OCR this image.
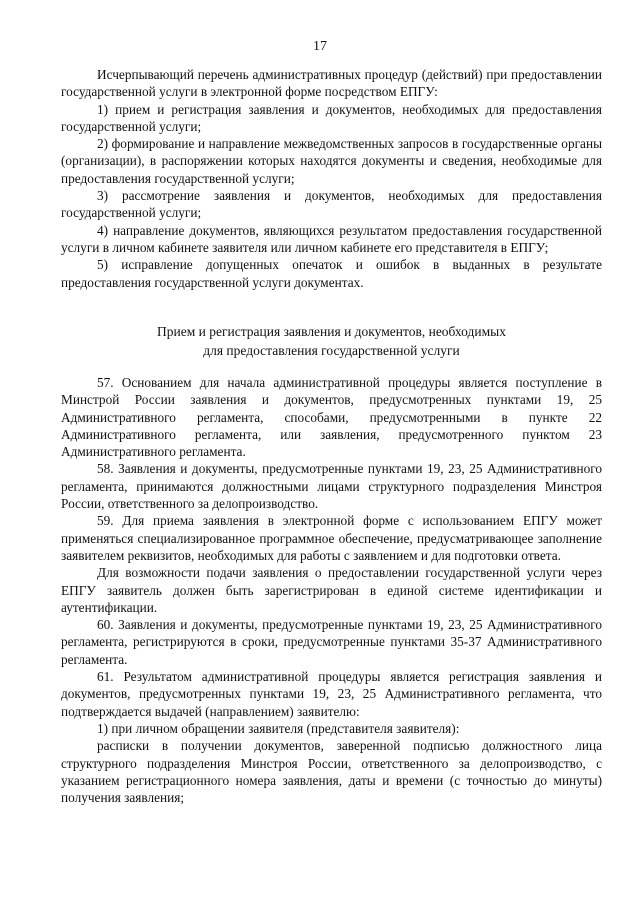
17

Исчерпывающий перечень административных процедур (действий) при предоставлении государственной услуги в электронной форме посредством ЕПГУ:

1) прием и регистрация заявления и документов, необходимых для предоставления государственной услуги;

2) формирование и направление межведомственных запросов в государственные органы (организации), в распоряжении которых находятся документы и сведения, необходимые для предоставления государственной услуги;

3) рассмотрение заявления и документов, необходимых для предоставления государственной услуги;

4) направление документов, являющихся результатом предоставления государственной услуги в личном кабинете заявителя или личном кабинете его представителя в ЕПГУ;

5) исправление допущенных опечаток и ошибок в выданных в результате предоставления государственной услуги документах.

Прием и регистрация заявления и документов, необходимых
для предоставления государственной услуги

57. Основанием для начала административной процедуры является поступление в Минстрой России заявления и документов, предусмотренных пунктами 19, 25 Административного регламента, способами, предусмотренными в пункте 22 Административного регламента, или заявления, предусмотренного пунктом 23 Административного регламента.

58. Заявления и документы, предусмотренные пунктами 19, 23, 25 Административного регламента, принимаются должностными лицами структурного подразделения Минстроя России, ответственного за делопроизводство.

59. Для приема заявления в электронной форме с использованием ЕПГУ может применяться специализированное программное обеспечение, предусматривающее заполнение заявителем реквизитов, необходимых для работы с заявлением и для подготовки ответа.

Для возможности подачи заявления о предоставлении государственной услуги через ЕПГУ заявитель должен быть зарегистрирован в единой системе идентификации и аутентификации.

60. Заявления и документы, предусмотренные пунктами 19, 23, 25 Административного регламента, регистрируются в сроки, предусмотренные пунктами 35-37 Административного регламента.

61. Результатом административной процедуры является регистрация заявления и документов, предусмотренных пунктами 19, 23, 25 Административного регламента, что подтверждается выдачей (направлением) заявителю:

1) при личном обращении заявителя (представителя заявителя):

расписки в получении документов, заверенной подписью должностного лица структурного подразделения Минстроя России, ответственного за делопроизводство, с указанием регистрационного номера заявления, даты и времени (с точностью до минуты) получения заявления;
